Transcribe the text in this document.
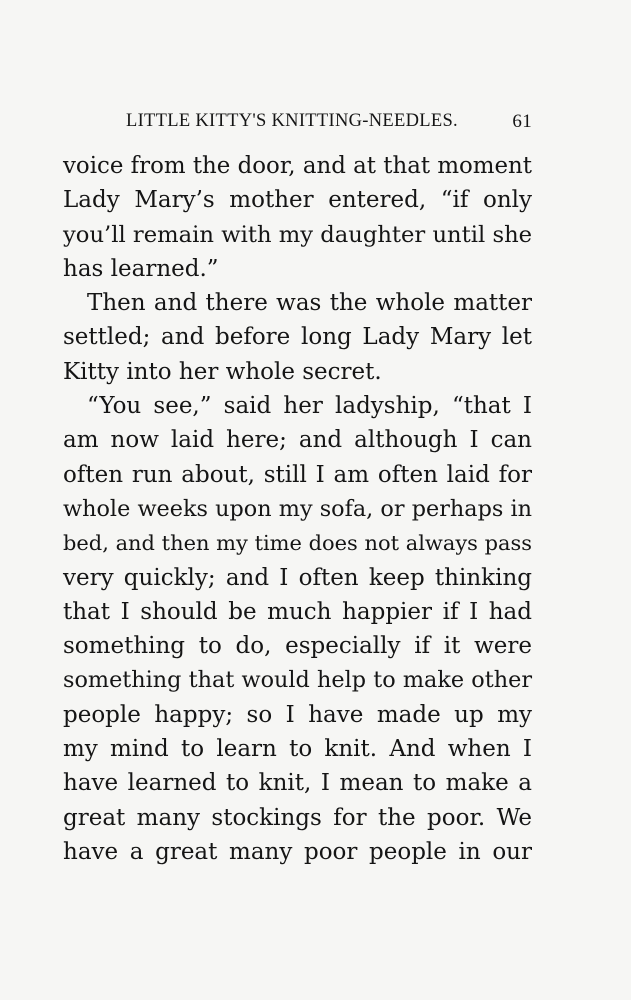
LITTLE KITTY'S KNITTING-NEEDLES.	61
voice from the door, and at that moment
Lady Mary’s mother entered, “if only
you’ll remain with my daughter until she
has learned.”
Then and there was the whole matter
settled; and before long Lady Mary let
Kitty into her whole secret.
“You see,” said her ladyship, “that I
am now laid here; and although I can
often run about, still I am often laid for
whole weeks upon my sofa, or perhaps in
bed, and then my time does not always pass
very quickly; and I often keep thinking
that I should be much happier if I had
something to do, especially if it were
something that would help to make other
people happy; so I have made up my
my mind to learn to knit. And when I
have learned to knit, I mean to make a
great many stockings for the poor. We
have a great many poor people in our
